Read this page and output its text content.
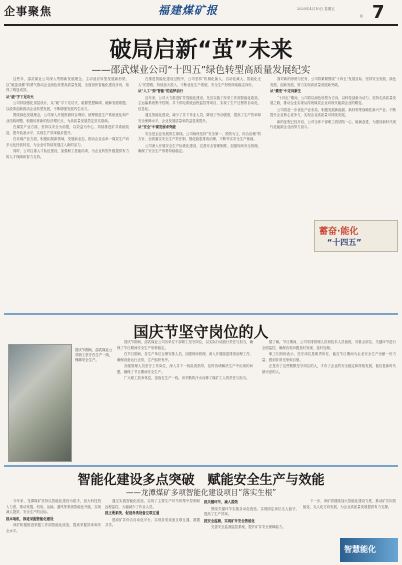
企事聚焦	福建煤矿报	2020年4月10日 星期五 7
版
破局启新“茧”未来
——邵武煤业公司“十四五”绿色转型高质量发展纪实

这些年，邵武煤业公司深入贯彻新发展理念，主动适应转型发展新形势，以“破茧成蝶”的勇气推动企业绿色转型高质量发展，全面加快智能化建设步伐，取得了明显成效。

从“破”字下足功夫

公司持续强化顶层设计，从“破”字下足功夫，破除思想障碍，破解发展难题，以改革创新推动企业转型发展，不断增强发展内生动力。

围绕绿色发展理念，公司深入开展资源综合利用，统筹推进生产系统优化和产业结构调整，积极培育新的经济增长点，为高质量发展奠定坚实基础。

在煤炭产业方面，坚持以安全为前提，以效益为中心，持续推进矿井系统改造，提升装备水平，实现生产效率稳步提升。

在非煤产业方面，积极拓展新领域，发展新业态，推动企业由单一煤炭生产向多元化经营转变，为企业可持续发展注入新的活力。

同时，公司注重人才队伍建设，加强职工技能培训，为企业转型升级提供有力的人才保障和智力支持。

在推进智能化建设过程中，公司坚持“机械化换人、自动化减人、智能化无人”的思路，持续加大投入，不断优化生产系统，安全生产形势持续稳定向好。

从“人工”到“智能”的追梦前行

近年来，公司大力推进矿井智能化建设，先后实施了综采工作面智能化改造、主运输系统集中控制、井下供电系统远程监控等项目，实现了生产过程的自动化、信息化。

通过智能化建设，减少了井下作业人员，降低了劳动强度，提高了生产效率和安全保障水平，企业发展质量和效益显著提升。

从“安全”中谋发展求突破

安全是企业发展的生命线。公司始终坚持“安全第一、预防为主、综合治理”的方针，全面落实安全生产责任制，强化隐患排查治理，不断夯实安全生产基础。

公司深入开展安全生产标准化建设，完善安全管理制度，加强现场安全管理，确保了安全生产形势持续稳定。

面对新的形势与任务，公司将紧紧围绕“十四五”发展目标，坚持安全发展、绿色发展、创新发展，努力实现高质量发展新突破。

从“蝶变”中走向新生

“十四五”期间，公司将以绿色转型为方向，以科技创新为动力，坚持走高质量发展之路，推动企业实现从传统煤炭企业向现代能源企业的蝶变。

公司将进一步优化产业布局，积极发展新能源、新材料等战略性新兴产业，不断提升企业核心竞争力，实现企业高质量可持续发展。

新的征程已经开启，公司全体干部职工将团结一心、砥砺奋进，为建设新时代现代化能源企业而努力奋斗。

蓄奋·能化
“十四五”
国庆节坚守岗位的人
国庆节期间，邵武煤业公司职工坚守在生产一线，保障安全生产。

国庆节期间，邵武煤业公司各单位干部职工坚守岗位，以实际行动践行责任与担当，确保了节日期间安全生产形势稳定。

在节日期间，各生产单位合理安排人员，加强现场管理，深入开展隐患排查治理工作，确保设备运行正常，生产组织有序。

各级管理人员坚守工作岗位，深入井下一线检查指导，及时协调解决生产中出现的问题，确保了节日期间安全生产。

广大职工放弃休息，奋战在生产一线，用辛勤的汗水诠释了煤矿工人的责任与担当。

据了解，节日期间，公司安排管理人员和技术人员值班，对重点部位、关键环节进行全面监控，确保各类问题及时发现、及时处理。

职工们纷纷表示，坚守岗位是职责所在，能在节日期间为企业安全生产贡献一份力量，感到非常光荣和自豪。

正是有了这些默默坚守岗位的人，才有了企业的安全稳定和持续发展，他们是新时代最可爱的人。

智能化建设多点突破　赋能安全生产与效能
——龙潭煤矿多项智能化建设项目“落实生根”

今年来，龙潭煤矿坚持以智能化建设为抓手，加大科技投入力度，推动采掘、机电、运输、通风等系统智能化升级，实现减人提效、安全生产的目标。

抓本地机，推进采掘智能化建设

该矿积极推进采掘工作面智能化改造，提高采掘效率和安全水平。

通过实施智能化改造，实现了主要生产环节的集中控制和远程监控，大幅减少了作业人员。

抓主要系统，促进各类设备互联互通

建成矿井综合自动化平台，实现各类设备互联互通、数据共享。

抓关键环节，减人提效

围绕关键环节实施自动化改造，实现固定岗位无人值守，提高了生产效率。

抓安全监测，实现矿井安全智能化

完善安全监测监控系统，提升矿井安全保障能力。

下一步，该矿将继续加大智能化建设力度，推动矿井向智能化、无人化方向发展，为企业高质量发展提供有力支撑。

智慧能化
